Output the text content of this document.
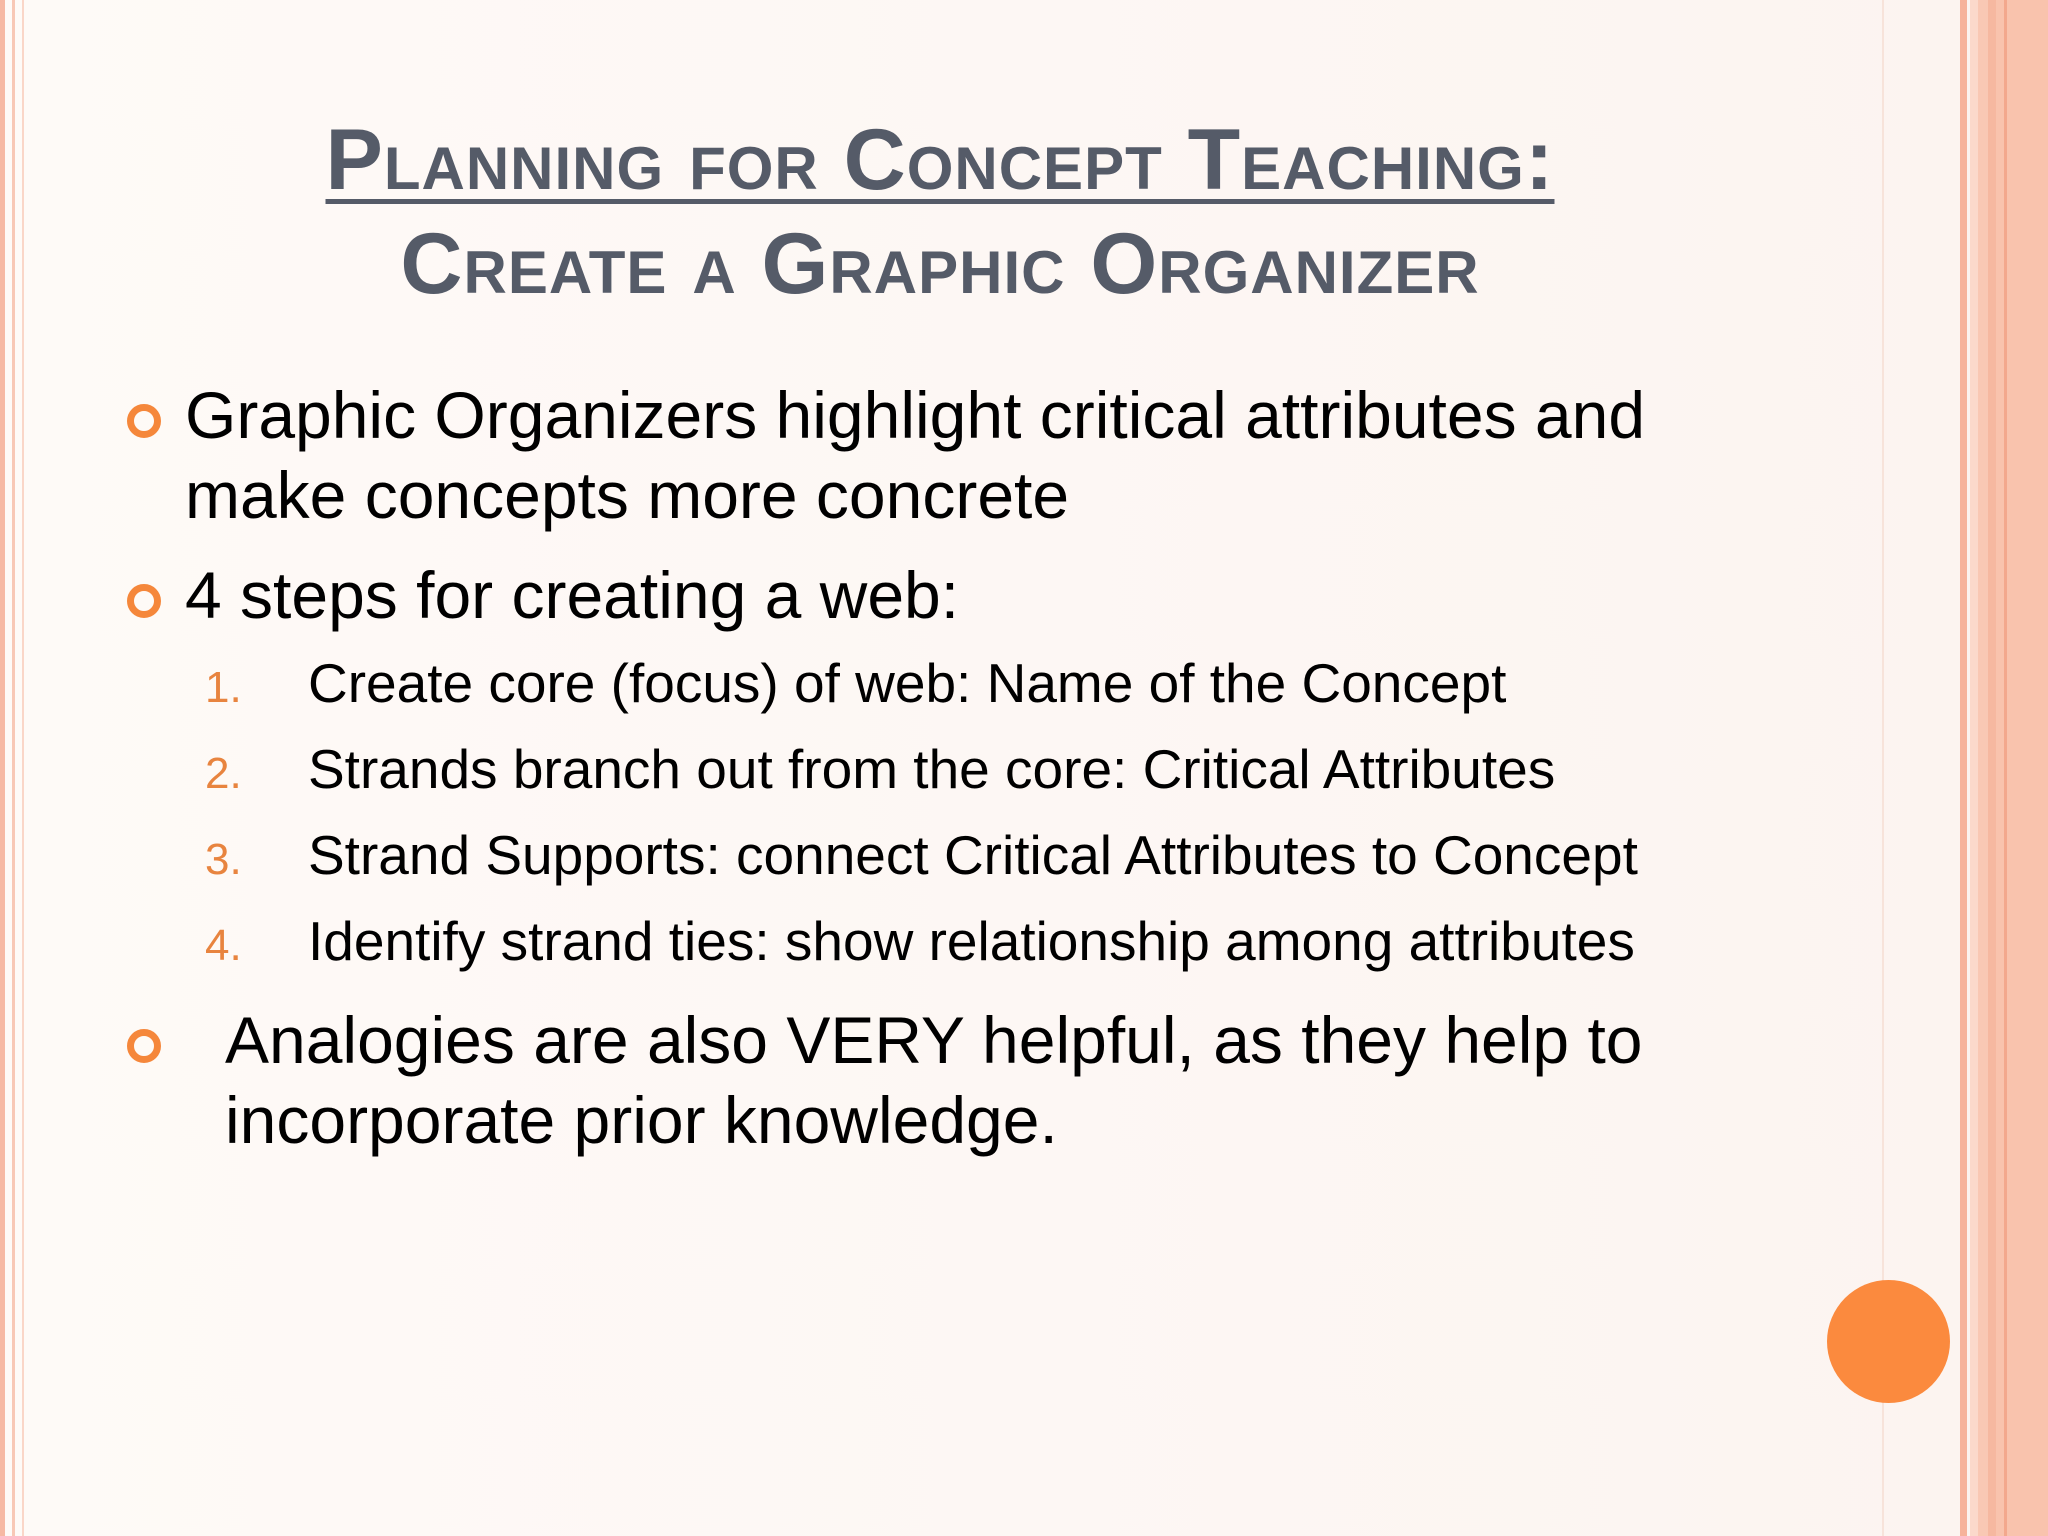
Planning for Concept Teaching:
Create a Graphic Organizer
Graphic Organizers highlight critical attributes and
make concepts more concrete
4 steps for creating a web:
1. Create core (focus) of web: Name of the Concept
2. Strands branch out from the core: Critical Attributes
3. Strand Supports: connect Critical Attributes to Concept
4. Identify strand ties: show relationship among attributes
Analogies are also VERY helpful, as they help to
incorporate prior knowledge.
